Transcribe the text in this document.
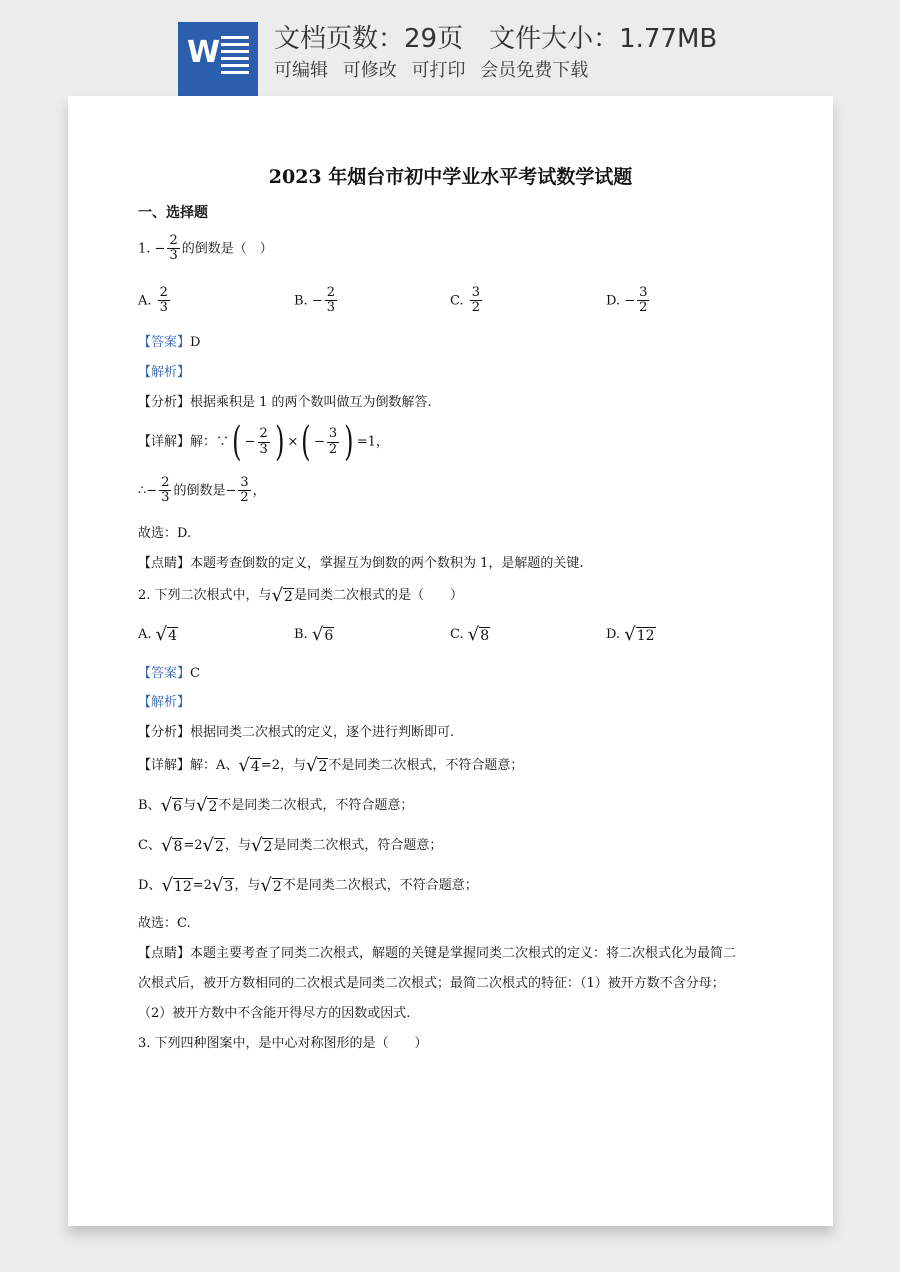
W 文档页数：29页 文件大小：1.77MB
可编辑 可修改 可打印 会员免费下载
2023 年烟台市初中学业水平考试数学试题
一、选择题
1. − $\frac{2}{3}$ 的倒数是（　）
A. $\frac{2}{3}$	B. − $\frac{2}{3}$	C. $\frac{3}{2}$	D. − $\frac{3}{2}$
【答案】D
【解析】
【分析】根据乘积是 1 的两个数叫做互为倒数解答.
【详解】解：∵( − $\frac{2}{3}$ ) ×( − $\frac{3}{2}$ ) =1，
∴− $\frac{2}{3}$ 的倒数是− $\frac{3}{2}$ ，
故选：D.
【点睛】本题考查倒数的定义，掌握互为倒数的两个数积为 1，是解题的关键.
2. 下列二次根式中，与√2是同类二次根式的是（　　）
A. √4	B. √6	C. √8	D. √12
【答案】C
【解析】
【分析】根据同类二次根式的定义，逐个进行判断即可.
【详解】解：A、√4=2，与√2不是同类二次根式，不符合题意；
B、√6与√2不是同类二次根式，不符合题意；
C、√8=2√2，与√2是同类二次根式，符合题意；
D、√12=2√3，与√2不是同类二次根式，不符合题意；
故选：C.
【点睛】本题主要考查了同类二次根式，解题的关键是掌握同类二次根式的定义：将二次根式化为最简二
次根式后，被开方数相同的二次根式是同类二次根式；最简二次根式的特征：（1）被开方数不含分母；
（2）被开方数中不含能开得尽方的因数或因式.
3. 下列四种图案中，是中心对称图形的是（　　）
